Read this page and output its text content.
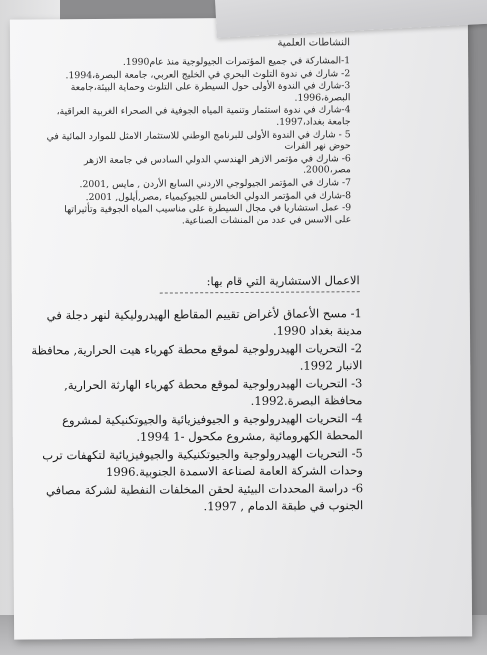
النشاطات العلمية
1-المشاركة في جميع المؤتمرات الجيولوجية منذ عام1990.
2- شارك في ندوة التلوث البحري في الخليج العربي، جامعة البصرة،1994.
3-شارك في الندوة الأولى حول السيطرة على التلوث وحماية البيئة،جامعة البصرة،1996.
4-شارك في ندوة استثمار وتنمية المياه الجوفية في الصحراء الغربية العراقية، جامعة بغداد،1997.
5 - شارك في الندوة الأولى للبرنامج الوطني للاستثمار الامثل للموارد المائية في حوض نهر الفرات
6- شارك في مؤتمر الازهر الهندسي الدولي السادس في جامعة الازهر مصر،2000.
7- شارك في المؤتمر الجيولوجي الاردني السابع الأردن , مايس ,2001.
8-شارك في المؤتمر الدولي الخامس للجيوكيمياء ,مصر,أيلول, 2001.
9- عمل استشاريا في مجال السيطرة على مناسيب المياه الجوفية وتأثيراتها على الاسس في عدد من المنشات الصناعية.
الاعمال الاستشارية التي قام بها:
1- مسح الأعماق لأغراض تقييم المقاطع الهيدروليكية لنهر دجلة في مدينة بغداد 1990.
2- التحريات الهيدرولوجية لموقع محطة كهرباء هيت الحرارية, محافظة الانبار 1992.
3- التحريات الهيدرولوجية لموقع محطة كهرباء الهارثة الحرارية, محافظة البصرة.1992.
4- التحريات الهيدرولوجية و الجيوفيزيائية والجيوتكنيكية لمشروع المحطة الكهرومائية ,مشروع مكحول -1 1994.
5- التحريات الهيدرولوجية والجيوتكنيكية والجيوفيزيائية لتكهفات ترب وحدات الشركة العامة لصناعة الاسمدة الجنوبية.1996
6- دراسة المحددات البيئية لحقن المخلفات النفطية لشركة مصافي الجنوب في طبقة الدمام , 1997.
